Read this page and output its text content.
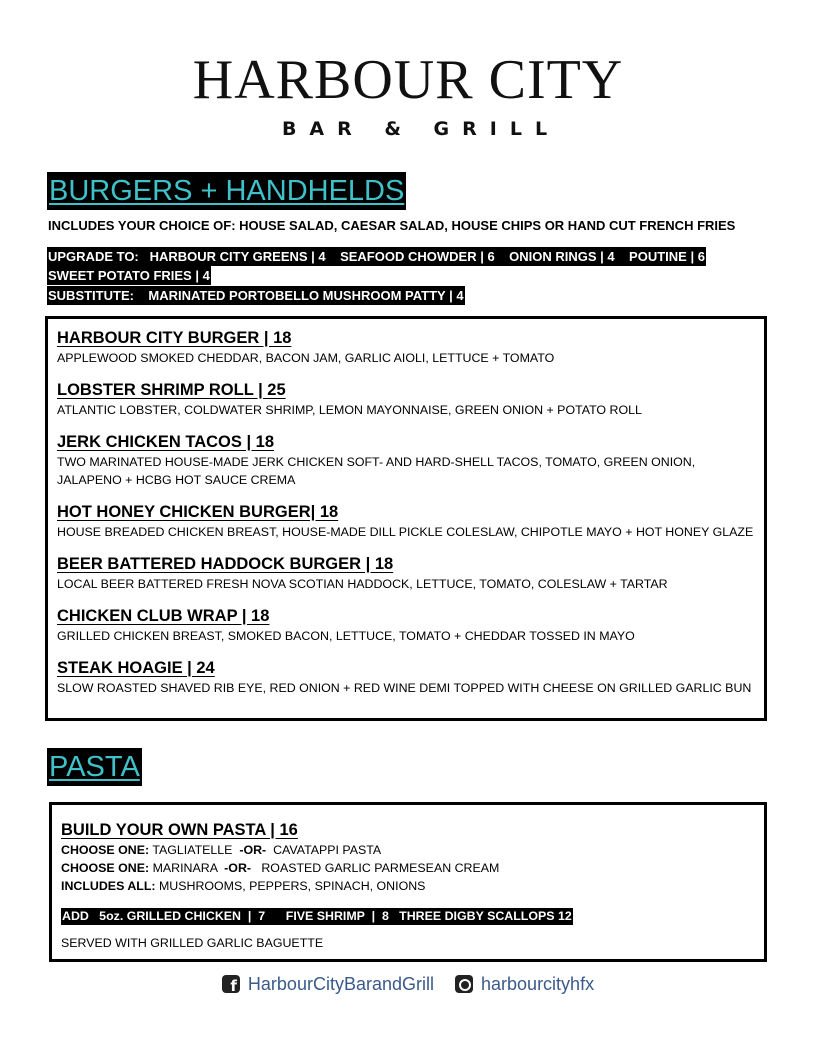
HARBOUR CITY
BAR & GRILL
BURGERS + HANDHELDS
INCLUDES YOUR CHOICE OF: HOUSE SALAD, CAESAR SALAD, HOUSE CHIPS OR HAND CUT FRENCH FRIES
UPGRADE TO:   HARBOUR CITY GREENS | 4    SEAFOOD CHOWDER | 6    ONION RINGS | 4    POUTINE | 6
SWEET POTATO FRIES | 4
SUBSTITUTE:    MARINATED PORTOBELLO MUSHROOM PATTY | 4
HARBOUR CITY BURGER | 18
APPLEWOOD SMOKED CHEDDAR, BACON JAM, GARLIC AIOLI, LETTUCE + TOMATO
LOBSTER SHRIMP ROLL | 25
ATLANTIC LOBSTER, COLDWATER SHRIMP, LEMON MAYONNAISE, GREEN ONION + POTATO ROLL
JERK CHICKEN TACOS | 18
TWO MARINATED HOUSE-MADE JERK CHICKEN SOFT- AND HARD-SHELL TACOS, TOMATO, GREEN ONION, JALAPENO + HCBG HOT SAUCE CREMA
HOT HONEY CHICKEN BURGER| 18
HOUSE BREADED CHICKEN BREAST, HOUSE-MADE DILL PICKLE COLESLAW, CHIPOTLE MAYO + HOT HONEY GLAZE
BEER BATTERED HADDOCK BURGER | 18
LOCAL BEER BATTERED FRESH NOVA SCOTIAN HADDOCK, LETTUCE, TOMATO, COLESLAW + TARTAR
CHICKEN CLUB WRAP | 18
GRILLED CHICKEN BREAST, SMOKED BACON, LETTUCE, TOMATO + CHEDDAR TOSSED IN MAYO
STEAK HOAGIE | 24
SLOW ROASTED SHAVED RIB EYE, RED ONION + RED WINE DEMI TOPPED WITH CHEESE ON GRILLED GARLIC BUN
PASTA
BUILD YOUR OWN PASTA | 16
CHOOSE ONE: TAGLIATELLE  -OR-  CAVATAPPI PASTA
CHOOSE ONE: MARINARA  -OR-   ROASTED GARLIC PARMESEAN CREAM
INCLUDES ALL: MUSHROOMS, PEPPERS, SPINACH, ONIONS
ADD   5oz. GRILLED CHICKEN  |  7      FIVE SHRIMP  |  8   THREE DIGBY SCALLOPS 12
SERVED WITH GRILLED GARLIC BAGUETTE
f
HarbourCityBarandGrill
	harbourcityhfx
